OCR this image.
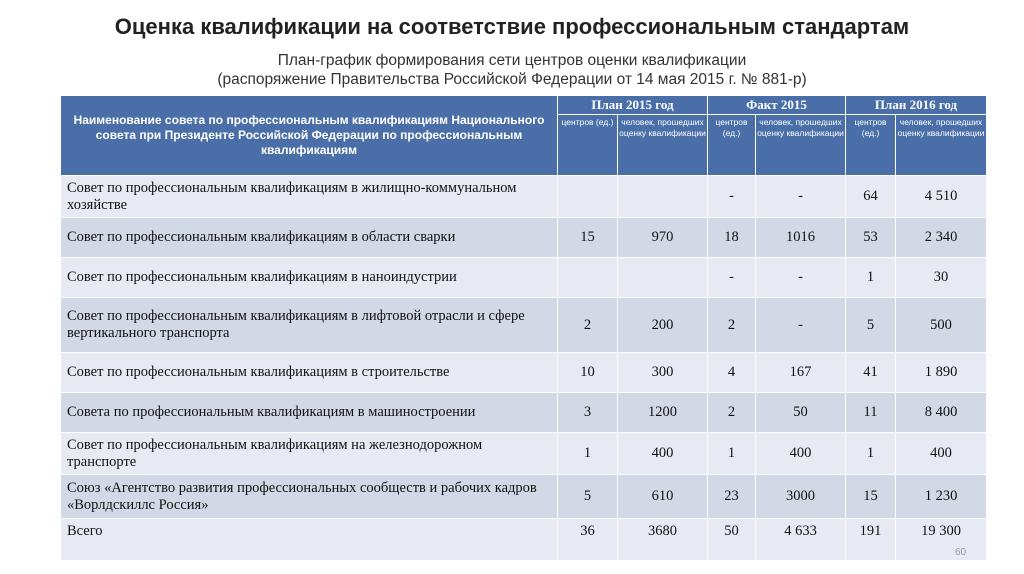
Оценка квалификации на соответствие профессиональным стандартам
План-график формирования сети центров оценки квалификации
(распоряжение Правительства Российской Федерации от 14 мая 2015 г. № 881-р)
Наименование совета по профессиональным квалификациям Национального совета при Президенте Российской Федерации по профессиональным квалификациям	План 2015 год		Факт 2015		План 2016 год	
	центров (ед.)	человек, прошедших оценку квалификации	центров (ед.)	человек, прошедших оценку квалификации	центров (ед.)	человек, прошедших оценку квалификации
Совет по профессиональным квалификациям в жилищно-коммунальном хозяйстве			-	-	64	4 510
Совет по профессиональным квалификациям в области сварки	15	970	18	1016	53	2 340
Совет по профессиональным квалификациям в наноиндустрии			-	-	1	30
Совет по профессиональным квалификациям в лифтовой отрасли и сфере вертикального транспорта	2	200	2	-	5	500
Совет по профессиональным квалификациям в строительстве	10	300	4	167	41	1 890
Совета по профессиональным квалификациям в машиностроении	3	1200	2	50	11	8 400
Совет по профессиональным квалификациям на железнодорожном транспорте	1	400	1	400	1	400
Союз «Агентство развития профессиональных сообществ и рабочих кадров «Ворлдскиллс Россия»	5	610	23	3000	15	1 230
Всего	36	3680	50	4 633	191	19 300
60
